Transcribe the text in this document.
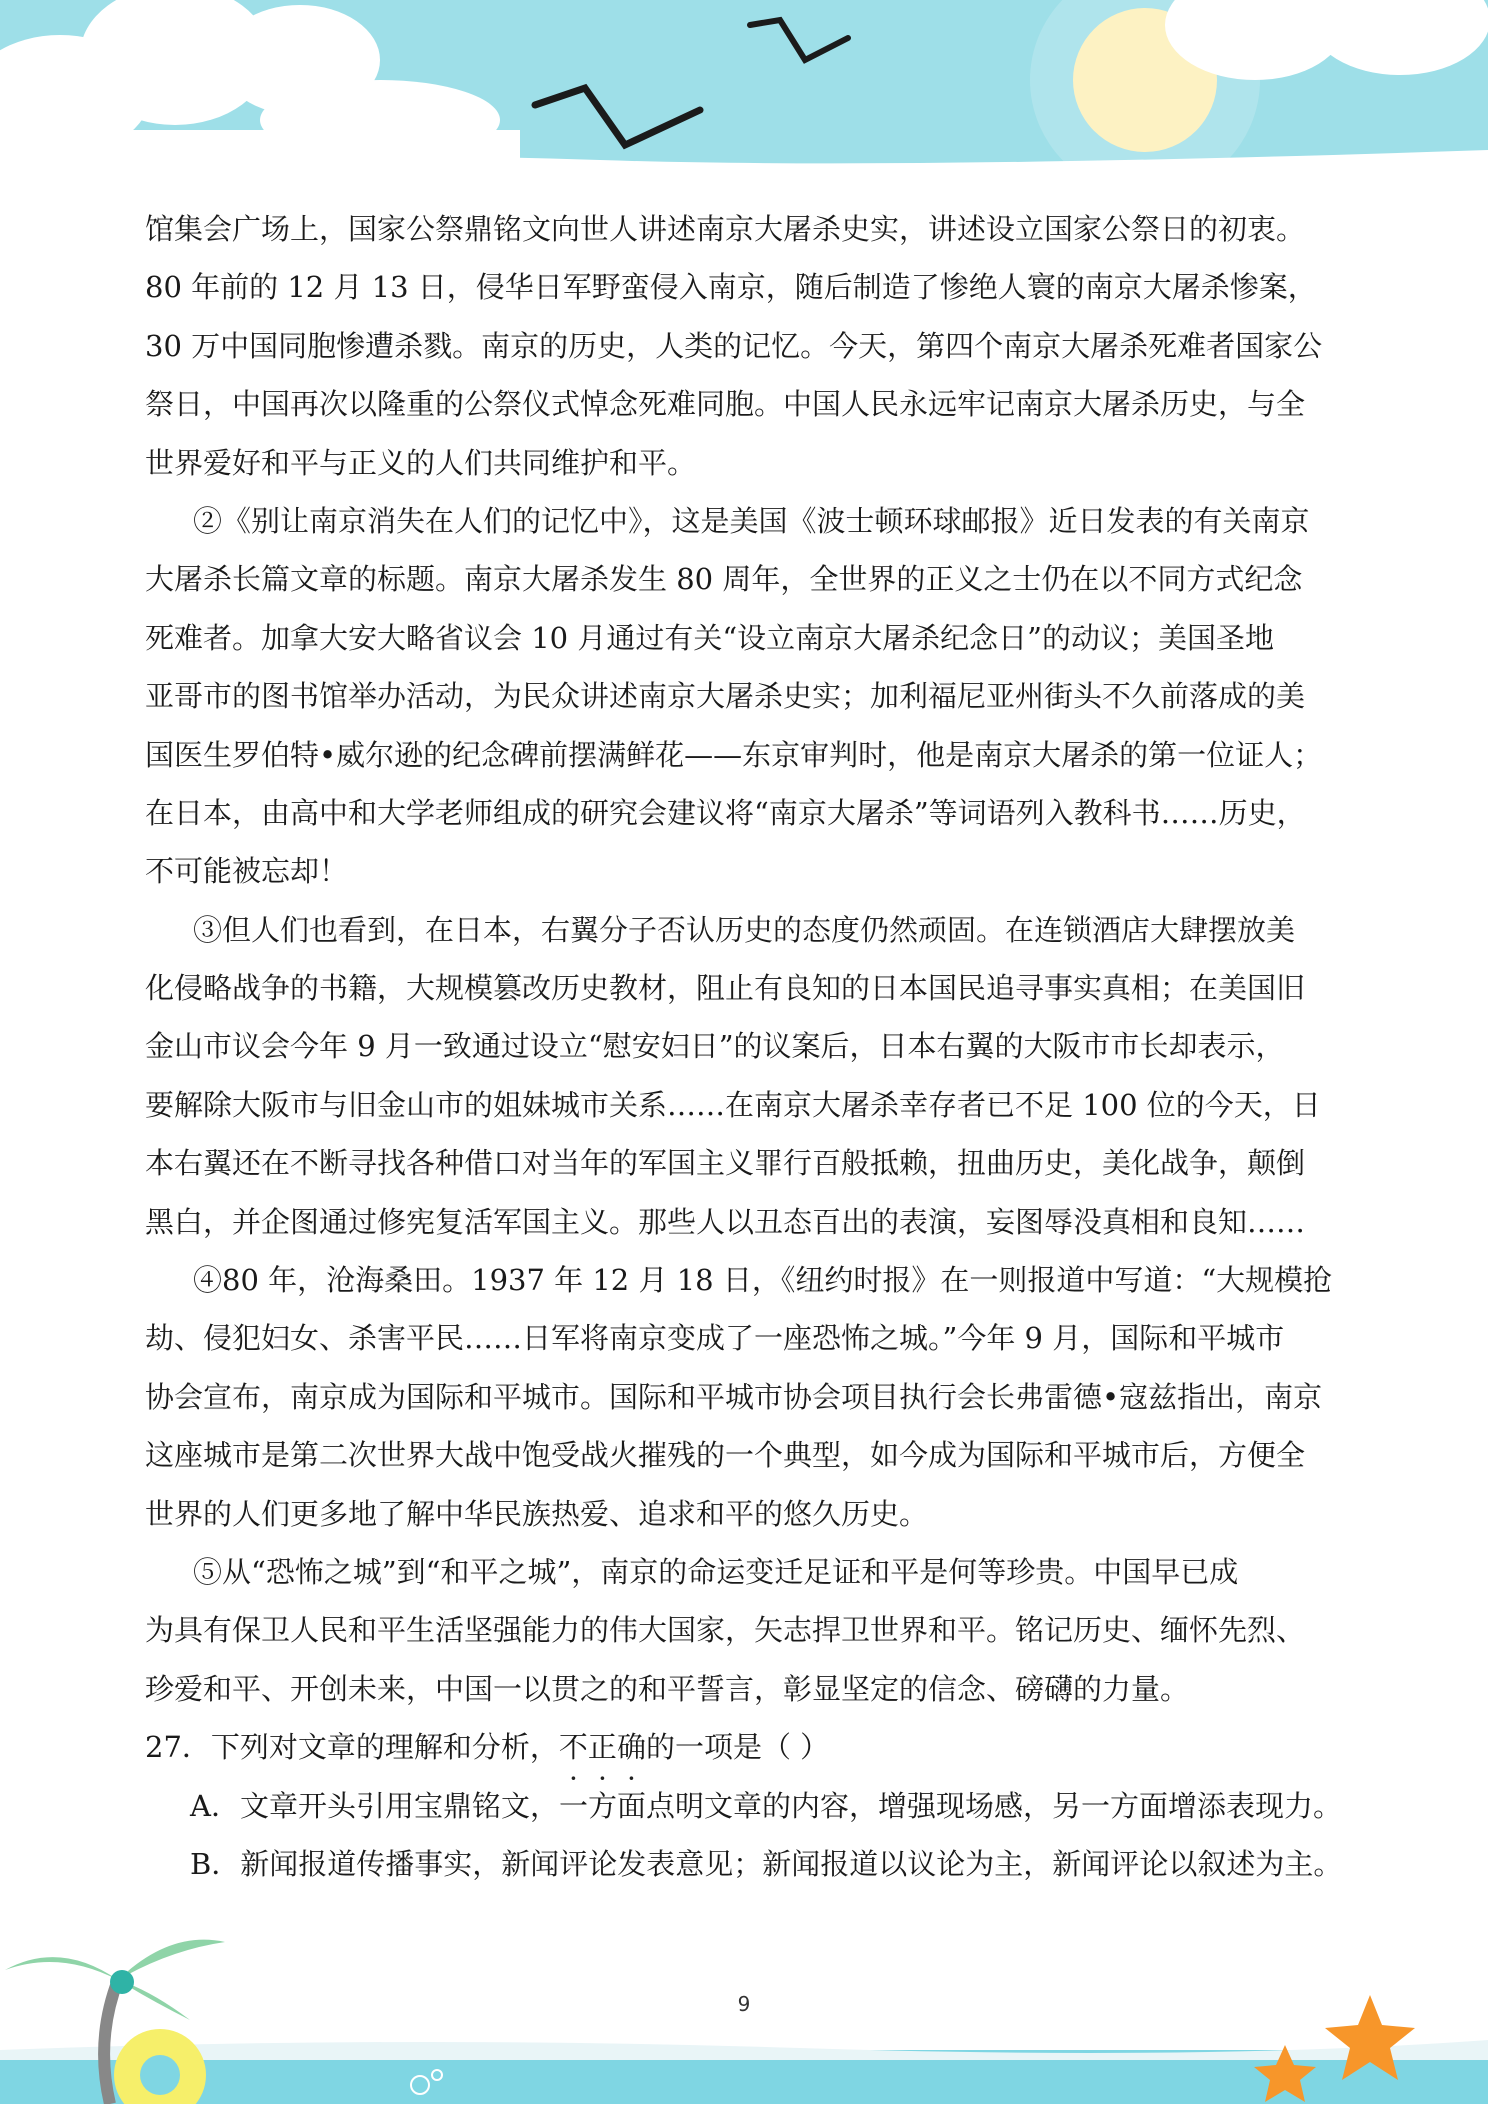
馆集会广场上，国家公祭鼎铭文向世人讲述南京大屠杀史实，讲述设立国家公祭日的初衷。
80 年前的 12 月 13 日，侵华日军野蛮侵入南京，随后制造了惨绝人寰的南京大屠杀惨案，
30 万中国同胞惨遭杀戮。南京的历史，人类的记忆。今天，第四个南京大屠杀死难者国家公
祭日，中国再次以隆重的公祭仪式悼念死难同胞。中国人民永远牢记南京大屠杀历史，与全
世界爱好和平与正义的人们共同维护和平。
②《别让南京消失在人们的记忆中》，这是美国《波士顿环球邮报》近日发表的有关南京
大屠杀长篇文章的标题。南京大屠杀发生 80 周年，全世界的正义之士仍在以不同方式纪念
死难者。加拿大安大略省议会 10 月通过有关“设立南京大屠杀纪念日”的动议；美国圣地
亚哥市的图书馆举办活动，为民众讲述南京大屠杀史实；加利福尼亚州街头不久前落成的美
国医生罗伯特•威尔逊的纪念碑前摆满鲜花——东京审判时，他是南京大屠杀的第一位证人；
在日本，由高中和大学老师组成的研究会建议将“南京大屠杀”等词语列入教科书……历史，
不可能被忘却！
③但人们也看到，在日本，右翼分子否认历史的态度仍然顽固。在连锁酒店大肆摆放美
化侵略战争的书籍，大规模篡改历史教材，阻止有良知的日本国民追寻事实真相；在美国旧
金山市议会今年 9 月一致通过设立“慰安妇日”的议案后，日本右翼的大阪市市长却表示，
要解除大阪市与旧金山市的姐妹城市关系……在南京大屠杀幸存者已不足 100 位的今天，日
本右翼还在不断寻找各种借口对当年的军国主义罪行百般抵赖，扭曲历史，美化战争，颠倒
黑白，并企图通过修宪复活军国主义。那些人以丑态百出的表演，妄图辱没真相和良知……
④80 年，沧海桑田。1937 年 12 月 18 日，《纽约时报》在一则报道中写道：“大规模抢
劫、侵犯妇女、杀害平民……日军将南京变成了一座恐怖之城。”今年 9 月，国际和平城市
协会宣布，南京成为国际和平城市。国际和平城市协会项目执行会长弗雷德•寇兹指出，南京
这座城市是第二次世界大战中饱受战火摧残的一个典型，如今成为国际和平城市后，方便全
世界的人们更多地了解中华民族热爱、追求和平的悠久历史。
⑤从“恐怖之城”到“和平之城”，南京的命运变迁足证和平是何等珍贵。中国早已成
为具有保卫人民和平生活坚强能力的伟大国家，矢志捍卫世界和平。铭记历史、缅怀先烈、
珍爱和平、开创未来，中国一以贯之的和平誓言，彰显坚定的信念、磅礴的力量。
27．下列对文章的理解和分析，不正确的一项是（ ）
A．文章开头引用宝鼎铭文，一方面点明文章的内容，增强现场感，另一方面增添表现力。
B．新闻报道传播事实，新闻评论发表意见；新闻报道以议论为主，新闻评论以叙述为主。
9
